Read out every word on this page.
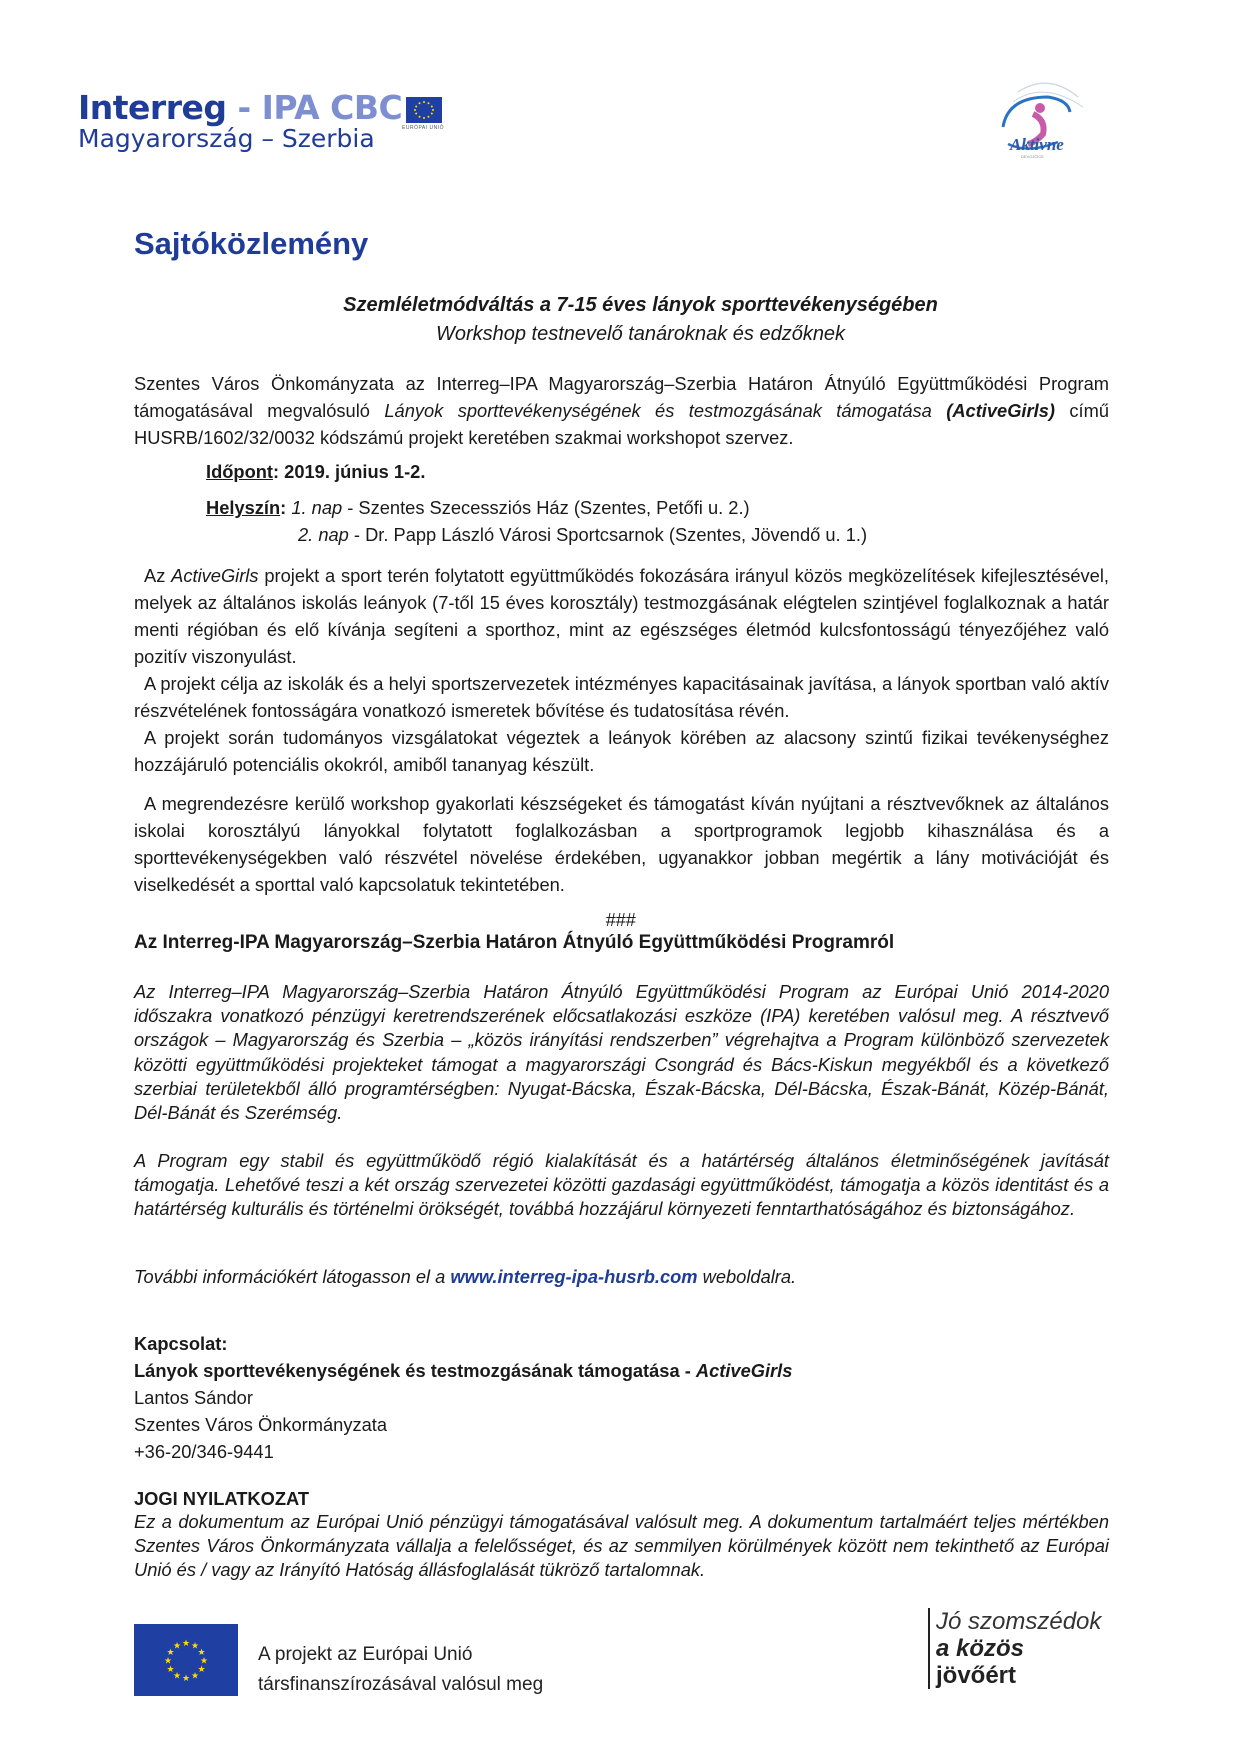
Interreg - IPA CBC
Magyarország – Szerbia	EURÓPAI UNIÓ
Aktivne
DEVOJČICE
Sajtóközlemény
Szemléletmódváltás a 7-15 éves lányok sporttevékenységében
Workshop testnevelő tanároknak és edzőknek
Szentes Város Önkományzata az Interreg–IPA Magyarország–Szerbia Határon Átnyúló Együttműködési Program támogatásával megvalósuló Lányok sporttevékenységének és testmozgásának támogatása (ActiveGirls) című HUSRB/1602/32/0032 kódszámú projekt keretében szakmai workshopot szervez.
Időpont: 2019. június 1-2.
Helyszín: 1. nap - Szentes Szecessziós Ház (Szentes, Petőfi u. 2.)
2. nap - Dr. Papp László Városi Sportcsarnok (Szentes, Jövendő u. 1.)
Az ActiveGirls projekt a sport terén folytatott együttműködés fokozására irányul közös megközelítések kifejlesztésével, melyek az általános iskolás leányok (7-től 15 éves korosztály) testmozgásának elégtelen szintjével foglalkoznak a határ menti régióban és elő kívánja segíteni a sporthoz, mint az egészséges életmód kulcsfontosságú tényezőjéhez való pozitív viszonyulást.
A projekt célja az iskolák és a helyi sportszervezetek intézményes kapacitásainak javítása, a lányok sportban való aktív részvételének fontosságára vonatkozó ismeretek bővítése és tudatosítása révén.
A projekt során tudományos vizsgálatokat végeztek a leányok körében az alacsony szintű fizikai tevékenységhez hozzájáruló potenciális okokról, amiből tananyag készült.
A megrendezésre kerülő workshop gyakorlati készségeket és támogatást kíván nyújtani a résztvevőknek az általános iskolai korosztályú lányokkal folytatott foglalkozásban a sportprogramok legjobb kihasználása és a sporttevékenységekben való részvétel növelése érdekében, ugyanakkor jobban megértik a lány motivációját és viselkedését a sporttal való kapcsolatuk tekintetében.
###
Az Interreg-IPA Magyarország–Szerbia Határon Átnyúló Együttműködési Programról
Az Interreg–IPA Magyarország–Szerbia Határon Átnyúló Együttműködési Program az Európai Unió 2014-2020 időszakra vonatkozó pénzügyi keretrendszerének előcsatlakozási eszköze (IPA) keretében valósul meg. A résztvevő országok – Magyarország és Szerbia – „közös irányítási rendszerben” végrehajtva a Program különböző szervezetek közötti együttműködési projekteket támogat a magyarországi Csongrád és Bács-Kiskun megyékből és a következő szerbiai területekből álló programtérségben: Nyugat-Bácska, Észak-Bácska, Dél-Bácska, Észak-Bánát, Közép-Bánát, Dél-Bánát és Szerémség.
A Program egy stabil és együttműködő régió kialakítását és a határtérség általános életminőségének javítását támogatja. Lehetővé teszi a két ország szervezetei közötti gazdasági együttműködést, támogatja a közös identitást és a határtérség kulturális és történelmi örökségét, továbbá hozzájárul környezeti fenntarthatóságához és biztonságához.
További információkért látogasson el a www.interreg-ipa-husrb.com weboldalra.
Kapcsolat:
Lányok sporttevékenységének és testmozgásának támogatása - ActiveGirls
Lantos Sándor
Szentes Város Önkormányzata
+36-20/346-9441
JOGI NYILATKOZAT
Ez a dokumentum az Európai Unió pénzügyi támogatásával valósult meg. A dokumentum tartalmáért teljes mértékben Szentes Város Önkormányzata vállalja a felelősséget, és az semmilyen körülmények között nem tekinthető az Európai Unió és / vagy az Irányító Hatóság állásfoglalását tükröző tartalomnak.
★ ★
★
★
★
★
★
★
★
★
★
★	A projekt az Európai Unió
társfinanszírozásával valósul meg
Jó szomszédok
a közös
jövőért
